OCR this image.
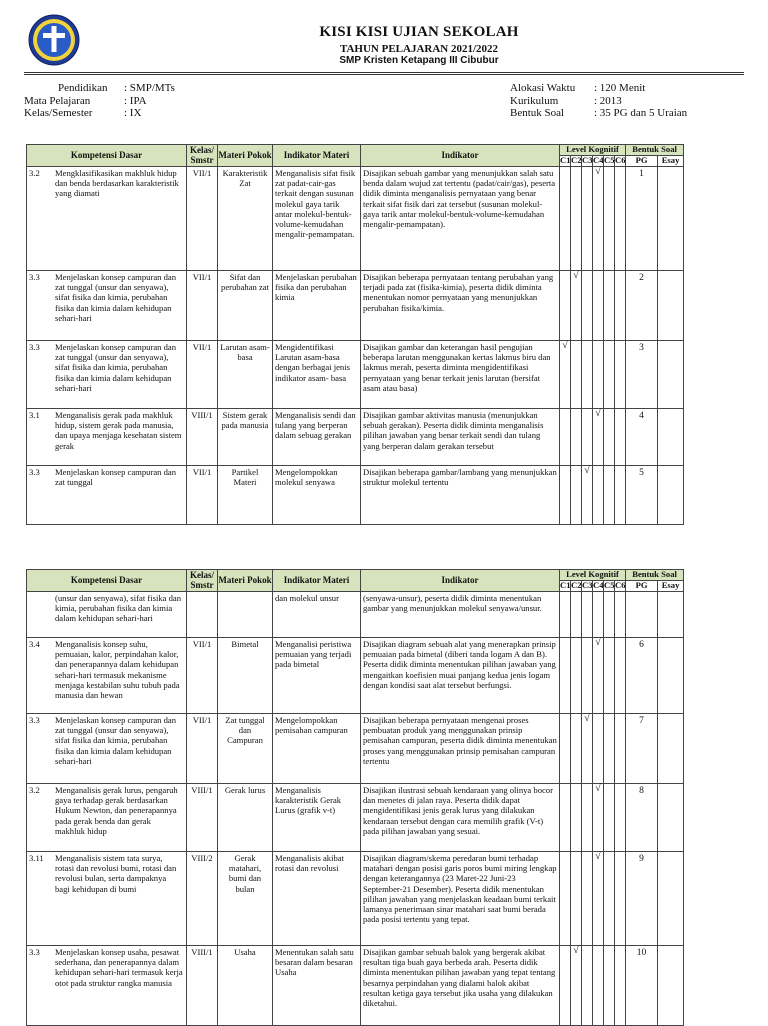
KISI KISI UJIAN SEKOLAH
TAHUN PELAJARAN 2021/2022
SMP Kristen Ketapang III Cibubur
Pendidikan	: SMP/MTs
Mata Pelajaran	: IPA
Kelas/Semester	: IX
Alokasi Waktu	: 120 Menit
Kurikulum	: 2013
Bentuk Soal	: 35 PG dan 5 Uraian
Kompetensi Dasar	Kelas/ Smstr	Materi Pokok	Indikator Materi	Indikator	Level Kognitif						Bentuk Soal	
					C1	C2	C3	C4	C5	C6	PG	Esay

3.2 Mengklasifikasikan makhluk hidup dan benda berdasarkan karakteristik yang diamati	VII/1	Karakteristik Zat	Menganalisis sifat fisik zat padat-cair-gas terkait dengan susunan molekul gaya tarik antar molekul-bentuk-volume-kemudahan mengalir-pemampatan.	Disajikan sebuah gambar yang menunjukkan salah satu benda dalam wujud zat tertentu (padat/cair/gas), peserta didik diminta menganalisis pernyataan yang benar terkait sifat fisik dari zat tersebut (susunan molekul-gaya tarik antar molekul-bentuk-volume-kemudahan mengalir-pemampatan).				√			1	

3.3 Menjelaskan konsep campuran dan zat tunggal (unsur dan senyawa), sifat fisika dan kimia, perubahan fisika dan kimia dalam kehidupan sehari-hari	VII/1	Sifat dan perubahan zat	Menjelaskan perubahan fisika dan perubahan kimia	Disajikan beberapa pernyataan tentang perubahan yang terjadi pada zat (fisika-kimia), peserta didik diminta menentukan nomor pernyataan yang menunjukkan perubahan fisika/kimia.		√					2	

3.3 Menjelaskan konsep campuran dan zat tunggal (unsur dan senyawa), sifat fisika dan kimia, perubahan fisika dan kimia dalam kehidupan sehari-hari	VII/1	Larutan asam-basa	Mengidentifikasi Larutan asam-basa dengan berbagai jenis indikator asam- basa	Disajikan gambar dan keterangan hasil pengujian beberapa larutan menggunakan kertas lakmus biru dan lakmus merah, peserta diminta mengidentifikasi pernyataan yang benar terkait jenis larutan (bersifat asam atau basa)	√						3	

3.1 Menganalisis gerak pada makhluk hidup, sistem gerak pada manusia, dan upaya menjaga kesehatan sistem gerak	VIII/1	Sistem gerak pada manusia	Menganalisis sendi dan tulang yang berperan dalam sebuag gerakan	Disajikan gambar aktivitas manusia (menunjukkan sebuah gerakan). Peserta didik diminta menganalisis pilihan jawaban yang benar terkait sendi dan tulang yang berperan dalam gerakan tersebut				√			4	

3.3 Menjelaskan konsep campuran dan zat tunggal	VII/1	Partikel Materi	Mengelompokkan molekul senyawa	Disajikan beberapa gambar/lambang yang menunjukkan struktur molekul tertentu			√				5	

Kompetensi Dasar	Kelas/ Smstr	Materi Pokok	Indikator Materi	Indikator	Level Kognitif						Bentuk Soal	
					C1	C2	C3	C4	C5	C6	PG	Esay

(unsur dan senyawa), sifat fisika dan kimia, perubahan fisika dan kimia dalam kehidupan sehari-hari			dan molekul unsur	(senyawa-unsur), peserta didik diminta menentukan gambar yang menunjukkan molekul senyawa/unsur.								

3.4 Menganalisis konsep suhu, pemuaian, kalor, perpindahan kalor, dan penerapannya dalam kehidupan sehari-hari termasuk mekanisme menjaga kestabilan suhu tubuh pada manusia dan hewan	VII/1	Bimetal	Menganalisi peristiwa pemuaian yang terjadi pada bimetal	Disajikan diagram sebuah alat yang menerapkan prinsip pemuaian pada bimetal (diberi tanda logam A dan B). Peserta didik diminta menentukan pilihan jawaban yang mengaitkan koefisien muai panjang kedua jenis logam dengan kondisi saat alat tersebut berfungsi.				√			6	

3.3 Menjelaskan konsep campuran dan zat tunggal (unsur dan senyawa), sifat fisika dan kimia, perubahan fisika dan kimia dalam kehidupan sehari-hari	VII/1	Zat tunggal dan Campuran	Mengelompokkan pemisahan campuran	Disajikan beberapa pernyataan mengenai proses pembuatan produk yang menggunakan prinsip pemisahan campuran, peserta didik diminta menentukan proses yang menggunakan prinsip pemisahan campuran tertentu			√				7	

3.2 Menganalisis gerak lurus, pengaruh gaya terhadap gerak berdasarkan Hukum Newton, dan penerapannya pada gerak benda dan gerak makhluk hidup	VIII/1	Gerak lurus	Menganalisis karakteristik Gerak Lurus (grafik v-t)	Disajikan ilustrasi sebuah kendaraan yang olinya bocor dan menetes di jalan raya. Peserta didik dapat mengidentifikasi jenis gerak lurus yang dilakukan kendaraan tersebut dengan cara memilih grafik (V-t) pada pilihan jawaban yang sesuai.				√			8	

3.11 Menganalisis sistem tata surya, rotasi dan revolusi bumi, rotasi dan revolusi bulan, serta dampaknya bagi kehidupan di bumi	VIII/2	Gerak matahari, bumi dan bulan	Menganalisis akibat rotasi dan revolusi	Disajikan diagram/skema peredaran bumi terhadap matahari dengan posisi garis poros bumi miring lengkap dengan keterangannya (23 Maret-22 Juni-23 September-21 Desember). Peserta didik menentukan pilihan jawaban yang menjelaskan keadaan bumi terkait lamanya penerimaan sinar matahari saat bumi berada pada posisi tertentu yang tepat.				√			9	

3.3 Menjelaskan konsep usaha, pesawat sederhana, dan penerapannya dalam kehidupan sehari-hari termasuk kerja otot pada struktur rangka manusia	VIII/1	Usaha	Menentukan salah satu besaran dalam besaran Usaha	Disajikan gambar sebuah balok yang bergerak akibat resultan tiga buah gaya berbeda arah. Peserta didik diminta menentukan pilihan jawaban yang tepat tentang besarnya perpindahan yang dialami balok akibat resultan ketiga gaya tersebut jika usaha yang dilakukan diketahui.		√					10	
